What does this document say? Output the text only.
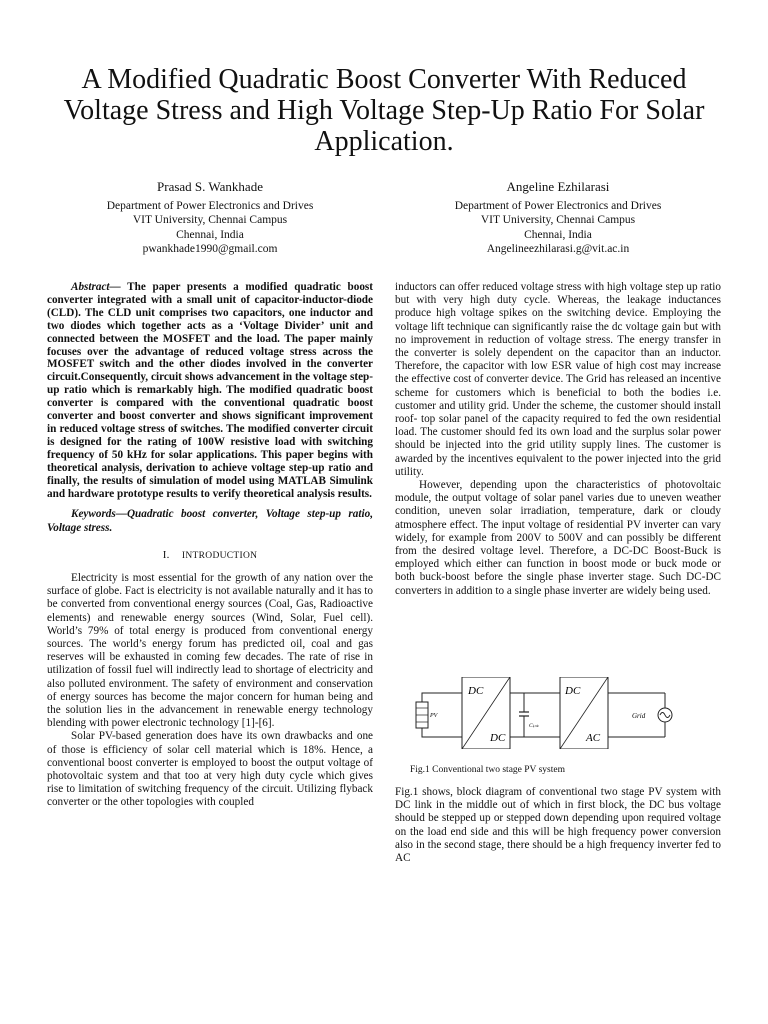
A Modified Quadratic Boost Converter With Reduced Voltage Stress and High Voltage Step-Up Ratio For Solar Application.
Prasad S. Wankhade
Department of Power Electronics and Drives
VIT University, Chennai Campus
Chennai, India
pwankhade1990@gmail.com
Angeline Ezhilarasi
Department of Power Electronics and Drives
VIT University, Chennai Campus
Chennai, India
Angelineezhilarasi.g@vit.ac.in

Abstract— The paper presents a modified quadratic boost converter integrated with a small unit of capacitor-inductor-diode (CLD). The CLD unit comprises two capacitors, one inductor and two diodes which together acts as a ‘Voltage Divider’ unit and connected between the MOSFET and the load. The paper mainly focuses over the advantage of reduced voltage stress across the MOSFET switch and the other diodes involved in the converter circuit.Consequently, circuit shows advancement in the voltage step-up ratio which is remarkably high. The modified quadratic boost converter is compared with the conventional quadratic boost converter and boost converter and shows significant improvement in reduced voltage stress of switches. The modified converter circuit is designed for the rating of 100W resistive load with switching frequency of 50 kHz for solar applications. This paper begins with theoretical analysis, derivation to achieve voltage step-up ratio and finally, the results of simulation of model using MATLAB Simulink and hardware prototype results to verify theoretical analysis results.

Keywords—Quadratic boost converter, Voltage step-up ratio, Voltage stress.

I. INTRODUCTION

Electricity is most essential for the growth of any nation over the surface of globe. Fact is electricity is not available naturally and it has to be converted from conventional energy sources (Coal, Gas, Radioactive elements) and renewable energy sources (Wind, Solar, Fuel cell). World’s 79% of total energy is produced from conventional energy sources. The world’s energy forum has predicted oil, coal and gas reserves will be exhausted in coming few decades. The rate of rise in utilization of fossil fuel will indirectly lead to shortage of electricity and also polluted environment. The safety of environment and conservation of energy sources has become the major concern for human being and the solution lies in the advancement in renewable energy technology blending with power electronic technology [1]-[6].

Solar PV-based generation does have its own drawbacks and one of those is efficiency of solar cell material which is 18%. Hence, a conventional boost converter is employed to boost the output voltage of photovoltaic system and that too at very high duty cycle which gives rise to limitation of switching frequency of the circuit. Utilizing flyback converter or the other topologies with coupled

inductors can offer reduced voltage stress with high voltage step up ratio but with very high duty cycle. Whereas, the leakage inductances produce high voltage spikes on the switching device. Employing the voltage lift technique can significantly raise the dc voltage gain but with no improvement in reduction of voltage stress. The energy transfer in the converter is solely dependent on the capacitor than an inductor. Therefore, the capacitor with low ESR value of high cost may increase the effective cost of converter device. The Grid has released an incentive scheme for customers which is beneficial to both the bodies i.e. customer and utility grid. Under the scheme, the customer should install roof- top solar panel of the capacity required to fed the own residential load. The customer should fed its own load and the surplus solar power should be injected into the grid utility supply lines. The customer is awarded by the incentives equivalent to the power injected into the grid utility.

However, depending upon the characteristics of photovoltaic module, the output voltage of solar panel varies due to uneven weather condition, uneven solar irradiation, temperature, dark or cloudy atmosphere effect. The input voltage of residential PV inverter can vary widely, for example from 200V to 500V and can possibly be different from the desired voltage level. Therefore, a DC-DC Boost-Buck is employed which either can function in boost mode or buck mode or both buck-boost before the single phase inverter stage. Such DC-DC converters in addition to a single phase inverter are widely being used.

PV
DC
DC
Cₗᵢₙₖ
DC
AC
Grid
Fig.1 Conventional two stage PV system

Fig.1 shows, block diagram of conventional two stage PV system with DC link in the middle out of which in first block, the DC bus voltage should be stepped up or stepped down depending upon required voltage on the load end side and this will be high frequency power conversion also in the second stage, there should be a high frequency inverter fed to AC
